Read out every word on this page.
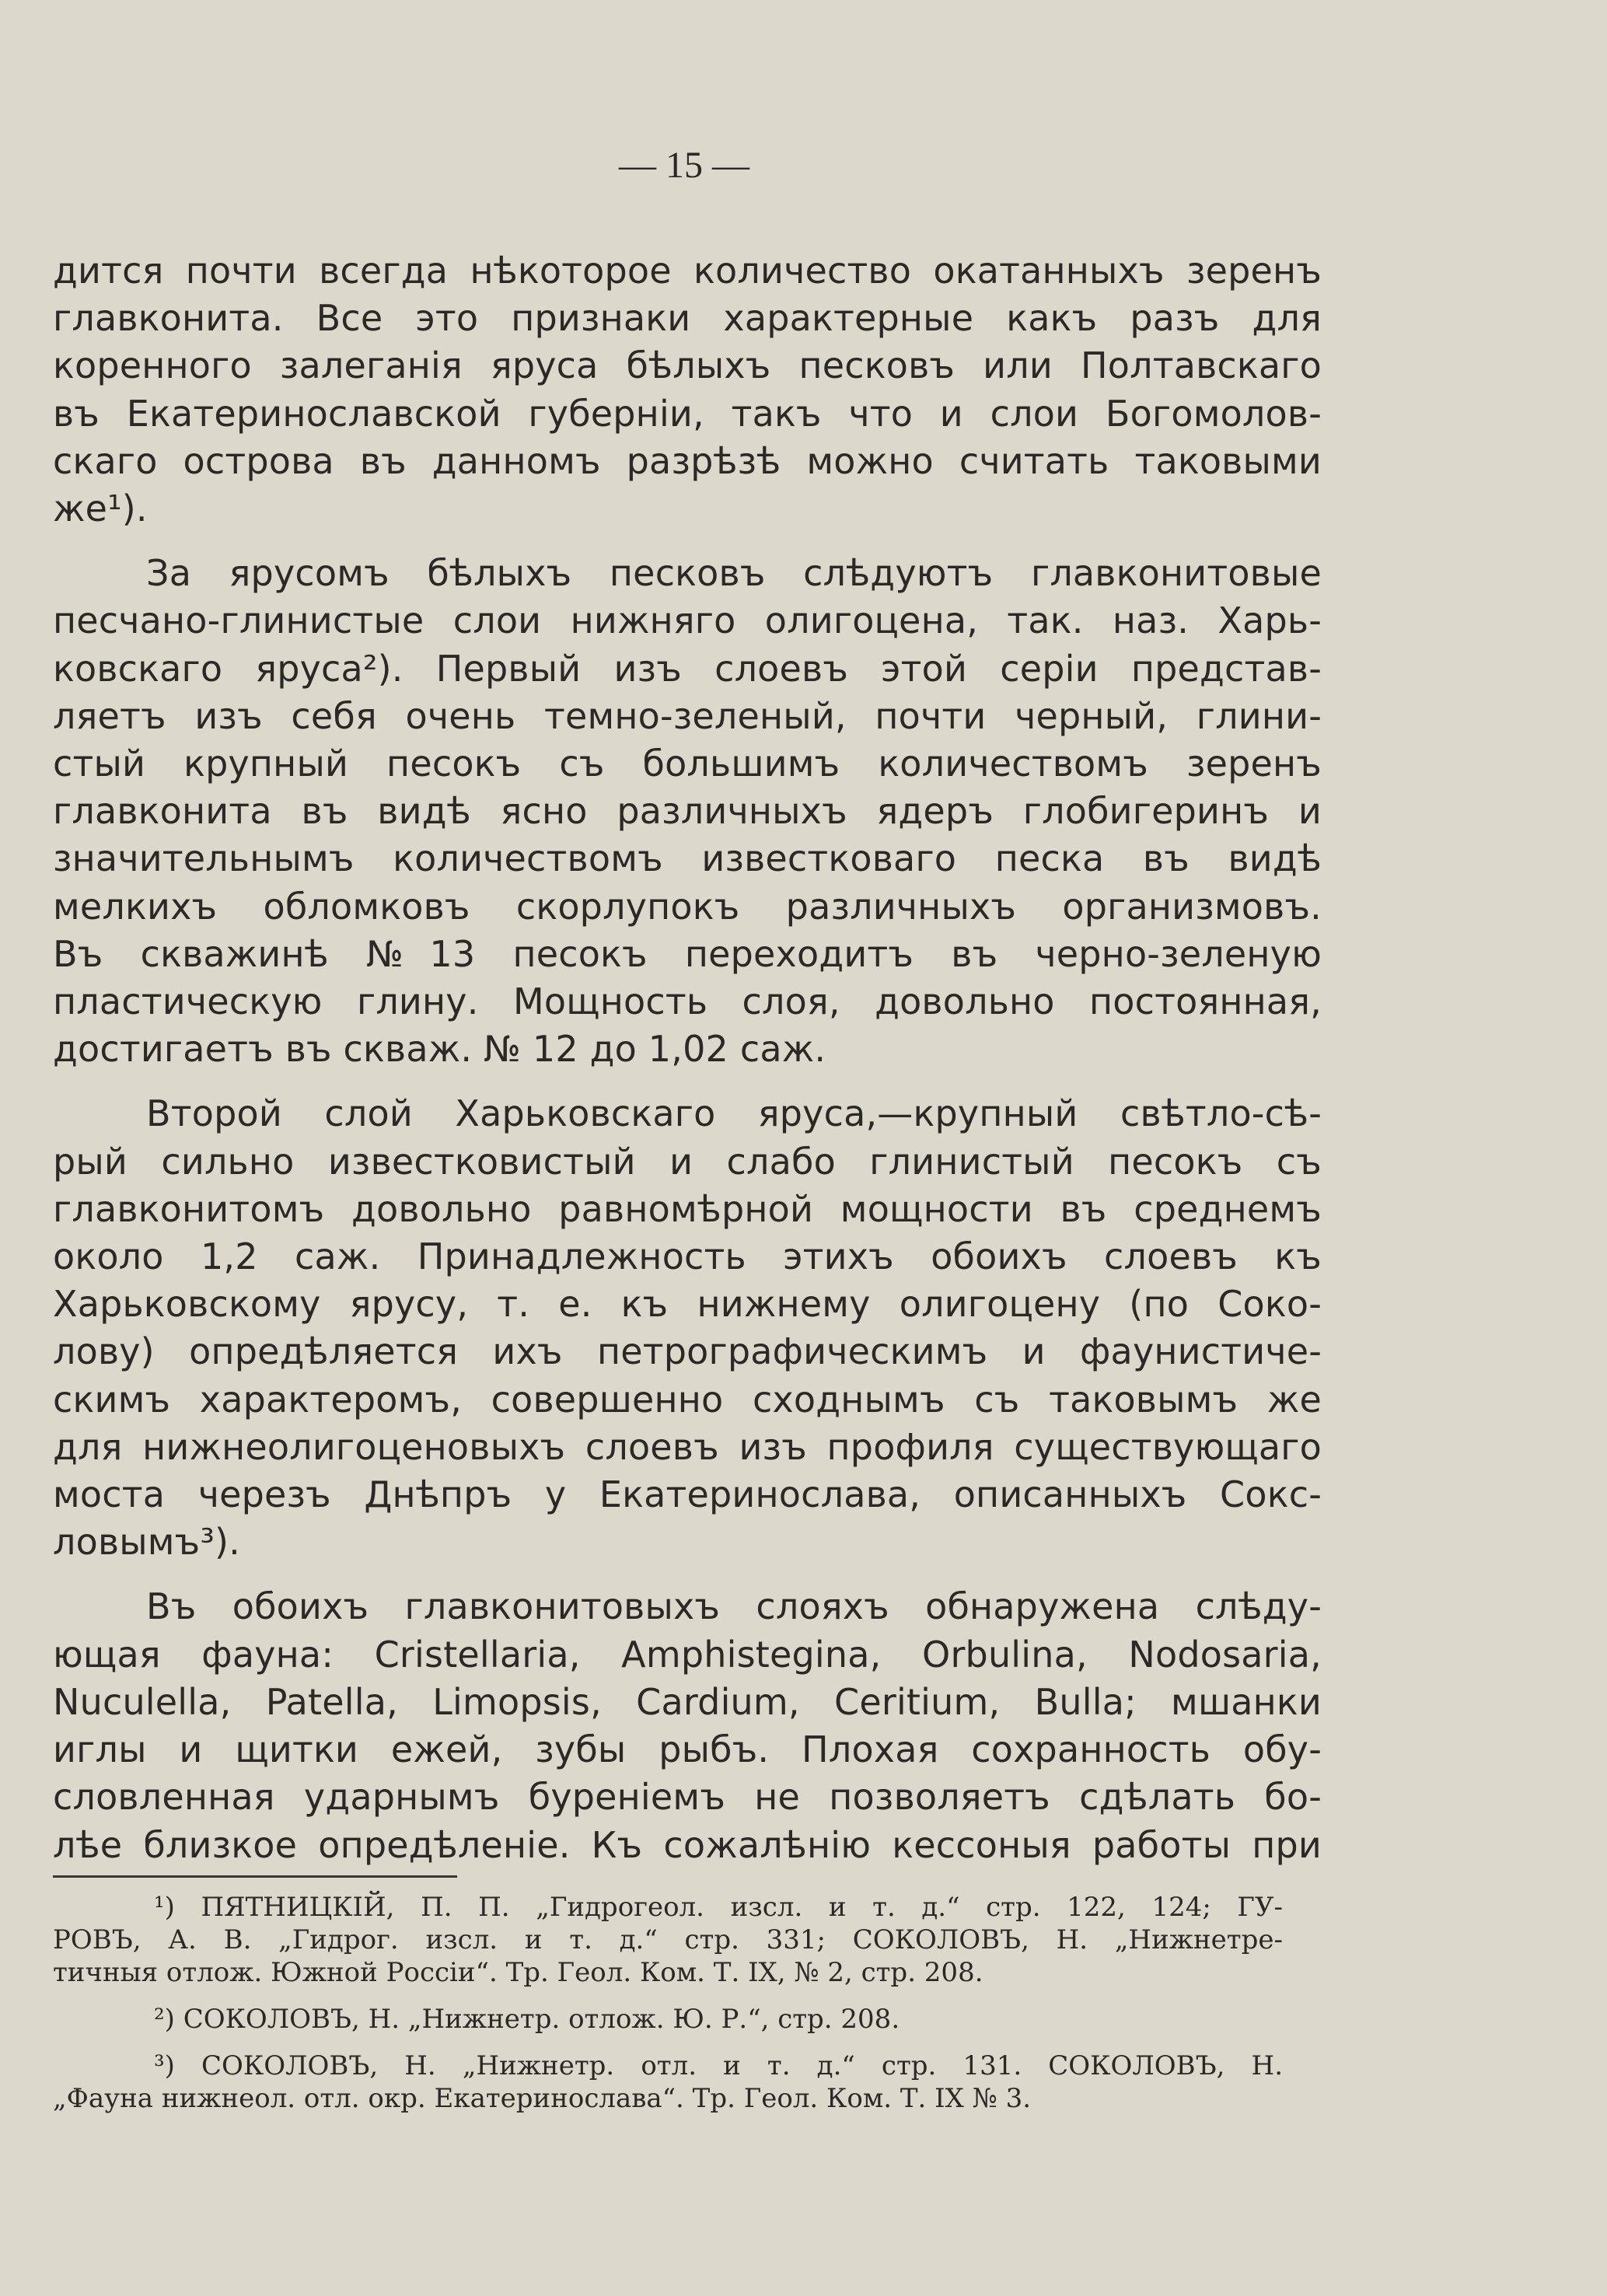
— 15 —

дится почти всегда нѣкоторое количество окатанныхъ зеренъ
главконита. Все это признаки характерные какъ разъ для
коренного залеганія яруса бѣлыхъ песковъ или Полтавскаго
въ Екатеринославской губерніи, такъ что и слои Богомолов-
скаго острова въ данномъ разрѣзѣ можно считать таковыми
же¹).

За ярусомъ бѣлыхъ песковъ слѣдуютъ главконитовые
песчано-глинистые слои нижняго олигоцена, так. наз. Харь-
ковскаго яруса²). Первый изъ слоевъ этой серіи представ-
ляетъ изъ себя очень темно-зеленый, почти черный, глини-
стый крупный песокъ съ большимъ количествомъ зеренъ
главконита въ видѣ ясно различныхъ ядеръ глобигеринъ и
значительнымъ количествомъ известковаго песка въ видѣ
мелкихъ обломковъ скорлупокъ различныхъ организмовъ.
Въ скважинѣ №13 песокъ переходитъ въ черно-зеленую
пластическую глину. Мощность слоя, довольно постоянная,
достигаетъ въ скваж. № 12 до 1,02 саж.

Второй слой Харьковскаго яруса,—крупный свѣтло-сѣ-
рый сильно известковистый и слабо глинистый песокъ съ
главконитомъ довольно равномѣрной мощности въ среднемъ
около 1,2 саж. Принадлежность этихъ обоихъ слоевъ къ
Харьковскому ярусу, т. е. къ нижнему олигоцену (по Соко-
лову) опредѣляется ихъ петрографическимъ и фаунистиче-
скимъ характеромъ, совершенно сходнымъ съ таковымъ же
для нижнеолигоценовыхъ слоевъ изъ профиля существующаго
моста черезъ Днѣпръ у Екатеринослава, описанныхъ Сокс-
ловымъ³).

Въ обоихъ главконитовыхъ слояхъ обнаружена слѣду-
ющая фауна: Cristellaria, Amphistegina, Orbulina, Nodosaria,
Nuculella, Patella, Limopsis, Cardium, Ceritium, Bulla; мшанки
иглы и щитки ежей, зубы рыбъ. Плохая сохранность обу-
словленная ударнымъ буреніемъ не позволяетъ сдѣлать бо-
лѣе близкое опредѣленіе. Къ сожалѣнію кессоныя работы при

¹) ПЯТНИЦКІЙ, П. П. „Гидрогеол. изсл. и т. д.“ стр. 122, 124; ГУ-
РОВЪ, А. В. „Гидрог. изсл. и т. д.“ стр. 331; СОКОЛОВЪ, Н. „Нижнетре-
тичныя отлож. Южной Россіи“. Тр. Геол. Ком. Т. IX, № 2, стр. 208.

²) СОКОЛОВЪ, Н. „Нижнетр. отлож. Ю. Р.“, стр. 208.

³) СОКОЛОВЪ, Н. „Нижнетр. отл. и т. д.“ стр. 131. СОКОЛОВЪ, Н.
„Фауна нижнеол. отл. окр. Екатеринослава“. Тр. Геол. Ком. Т. IX № 3.
